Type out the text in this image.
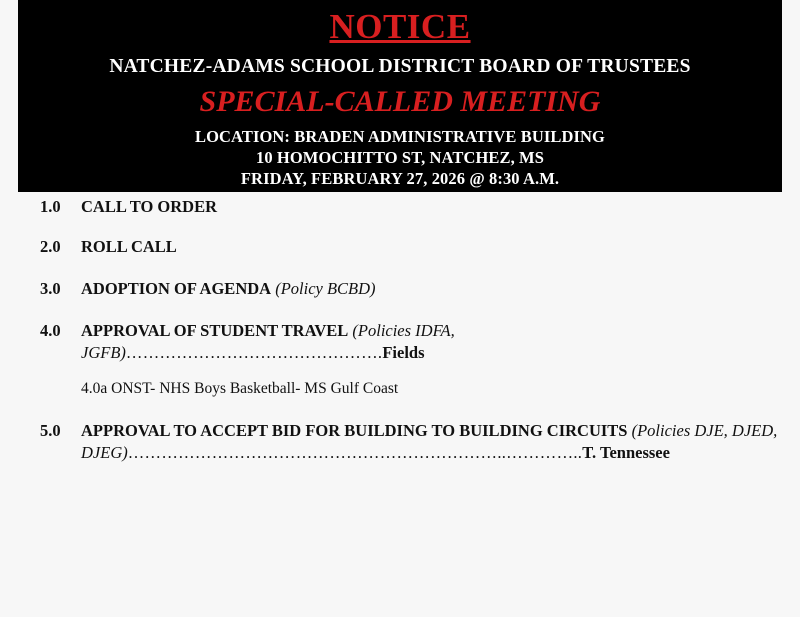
NOTICE
NATCHEZ-ADAMS SCHOOL DISTRICT BOARD OF TRUSTEES
SPECIAL-CALLED MEETING
LOCATION: BRADEN ADMINISTRATIVE BUILDING
10 HOMOCHITTO ST, NATCHEZ, MS
FRIDAY, FEBRUARY 27, 2026 @ 8:30 A.M.
1.0	CALL TO ORDER
2.0	ROLL CALL
3.0	ADOPTION OF AGENDA (Policy BCBD)
4.0	APPROVAL OF STUDENT TRAVEL (Policies IDFA, JGFB)……………………………………….Fields
4.0a ONST- NHS Boys Basketball- MS Gulf Coast
5.0	APPROVAL TO ACCEPT BID FOR BUILDING TO BUILDING CIRCUITS (Policies DJE, DJED, DJEG)…………………………………………………………..…………..T. Tennessee
